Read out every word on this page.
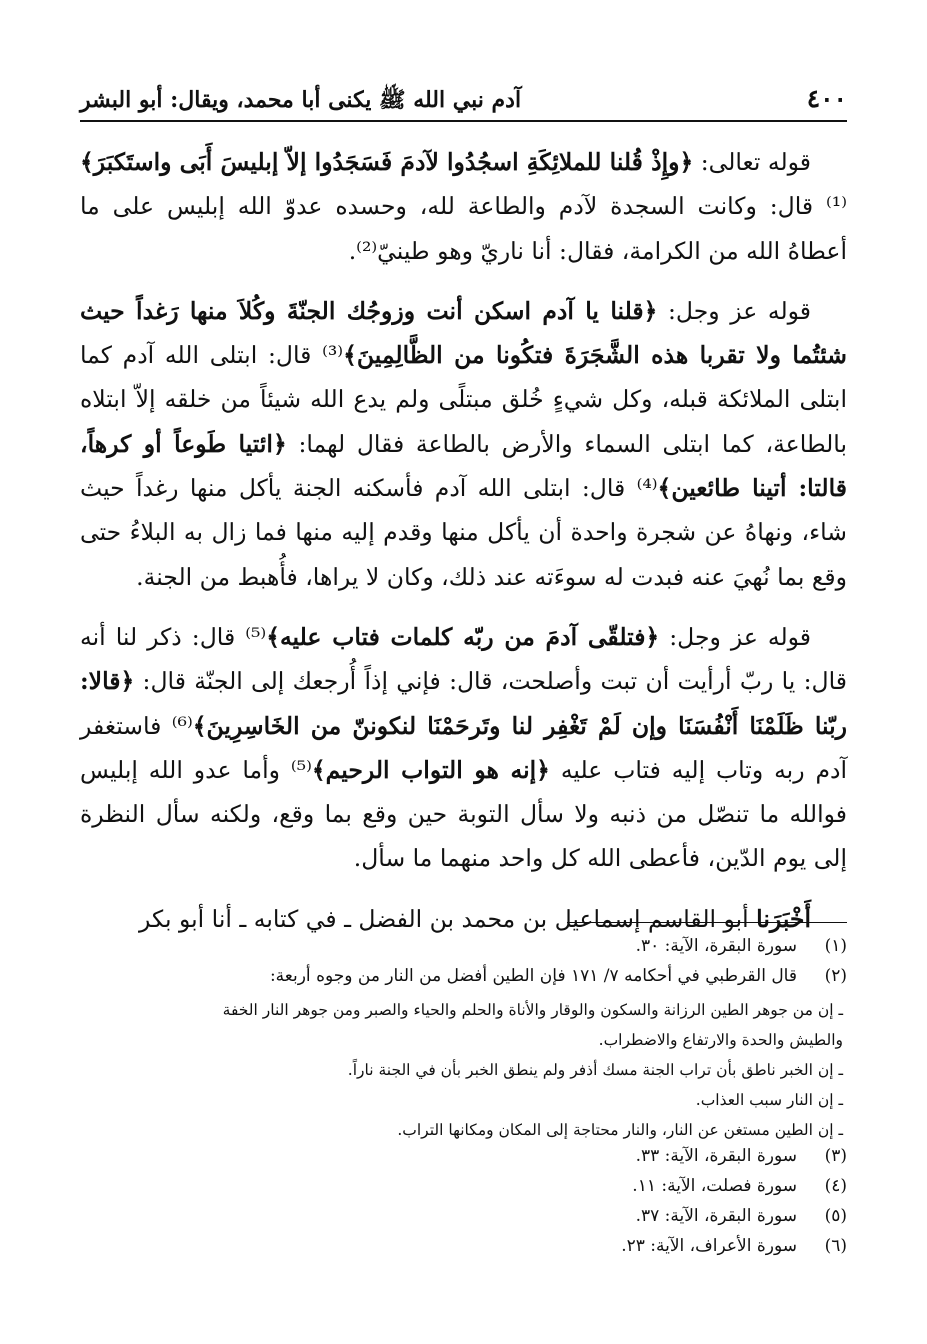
٤٠٠
آدم نبي الله ﷺ يكنى أبا محمد، ويقال: أبو البشر

قوله تعالى: ﴿وإِذْ قُلنا للملائِكَةِ اسجُدُوا لآدمَ فَسَجَدُوا إلاّ إبليسَ أَبَى واستَكبَرَ﴾⁽¹⁾ قال: وكانت السجدة لآدم والطاعة لله، وحسده عدوّ الله إبليس على ما أعطاهُ الله من الكرامة، فقال: أنا ناريّ وهو طينيّ⁽²⁾.

قوله عز وجل: ﴿قلنا يا آدم اسكن أنت وزوجُك الجنّةَ وكُلاَ منها رَغداً حيث شئتُما ولا تقربا هذه الشَّجَرَةَ فتكُونا من الظَّالِمِينَ﴾⁽³⁾ قال: ابتلى الله آدم كما ابتلى الملائكة قبله، وكل شيءٍ خُلق مبتلًى ولم يدع الله شيئاً من خلقه إلاّ ابتلاه بالطاعة، كما ابتلى السماء والأرض بالطاعة فقال لهما: ﴿ائتيا طَوعاً أو كرهاً، قالتا: أتينا طائعين﴾⁽⁴⁾ قال: ابتلى الله آدم فأسكنه الجنة يأكل منها رغداً حيث شاء، ونهاهُ عن شجرة واحدة أن يأكل منها وقدم إليه منها فما زال به البلاءُ حتى وقع بما نُهيَ عنه فبدت له سوءَته عند ذلك، وكان لا يراها، فأُهبط من الجنة.

قوله عز وجل: ﴿فتلقّى آدمَ من ربّه كلمات فتاب عليه﴾⁽⁵⁾ قال: ذكر لنا أنه قال: يا ربّ أرأيت أن تبت وأصلحت، قال: فإني إذاً أُرجعك إلى الجنّة قال: ﴿قالا: ربّنا ظَلَمْنَا أَنْفُسَنَا وإن لَمْ تَغْفِر لنا وتَرحَمْنَا لنكوننّ من الخَاسِرِينَ﴾⁽⁶⁾ فاستغفر آدم ربه وتاب إليه فتاب عليه ﴿إنه هو التواب الرحيم﴾⁽⁵⁾ وأما عدو الله إبليس فوالله ما تنصّل من ذنبه ولا سأل التوبة حين وقع بما وقع، ولكنه سأل النظرة إلى يوم الدّين، فأعطى الله كل واحد منهما ما سأل.

أَخْبَرَنا أبو القاسم إسماعيل بن محمد بن الفضل ـ في كتابه ـ أنا أبو بكر

(١)
سورة البقرة، الآية: ٣٠.
(٢)
قال القرطبي في أحكامه ٧/ ١٧١ فإن الطين أفضل من النار من وجوه أربعة:
ـ إن من جوهر الطين الرزانة والسكون والوقار والأناة والحلم والحياء والصبر ومن جوهر النار الخفة
والطيش والحدة والارتفاع والاضطراب.
ـ إن الخبر ناطق بأن تراب الجنة مسك أذفر ولم ينطق الخبر بأن في الجنة ناراً.
ـ إن النار سبب العذاب.
ـ إن الطين مستغن عن النار، والنار محتاجة إلى المكان ومكانها التراب.
(٣)
سورة البقرة، الآية: ٣٣.
(٤)
سورة فصلت، الآية: ١١.
(٥)
سورة البقرة، الآية: ٣٧.
(٦)
سورة الأعراف، الآية: ٢٣.
